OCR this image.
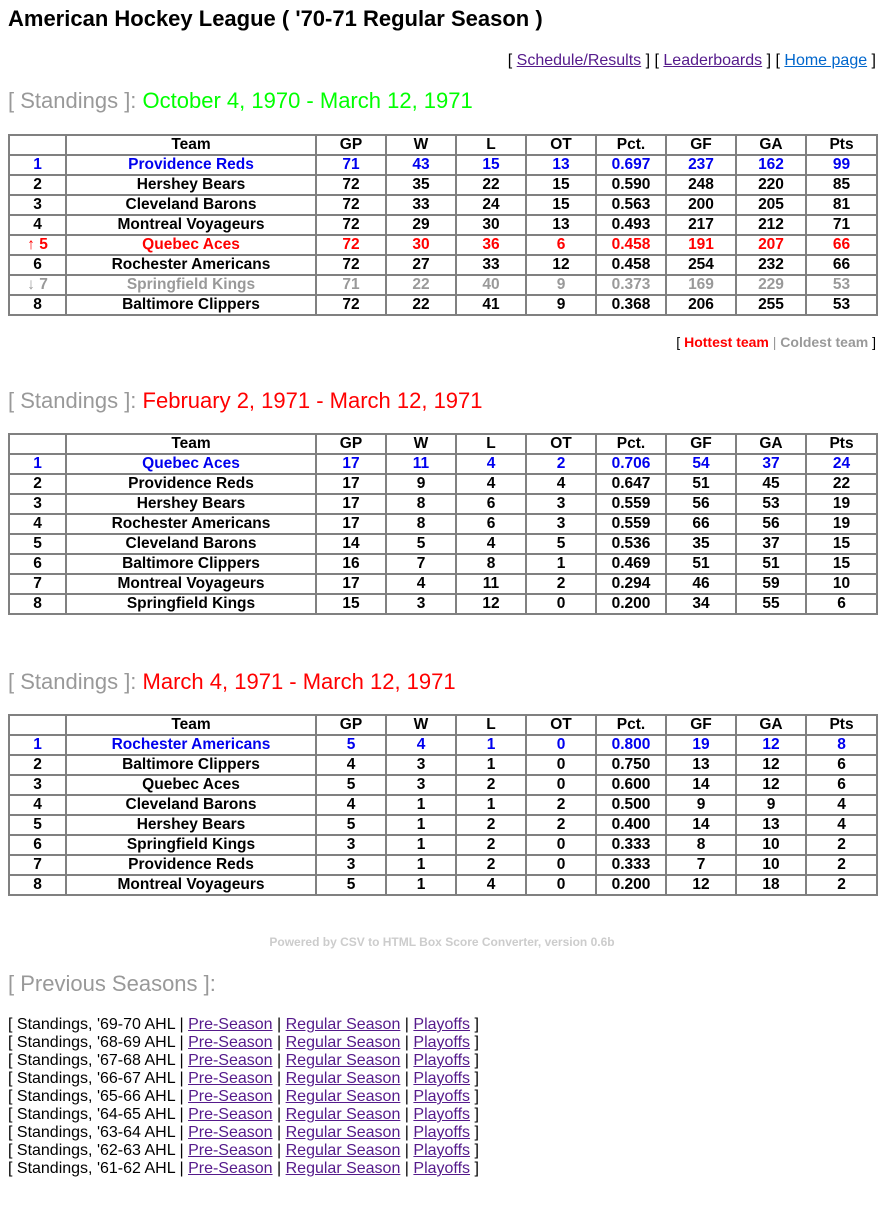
American Hockey League ( '70-71 Regular Season )
[ Schedule/Results ] [ Leaderboards ] [ Home page ]
[ Standings ]: October 4, 1970 - March 12, 1971
	Team	GP	W	L	OT	Pct.	GF	GA	Pts
1	Providence Reds	71	43	15	13	0.697	237	162	99
2	Hershey Bears	72	35	22	15	0.590	248	220	85
3	Cleveland Barons	72	33	24	15	0.563	200	205	81
4	Montreal Voyageurs	72	29	30	13	0.493	217	212	71
↑ 5	Quebec Aces	72	30	36	6	0.458	191	207	66
6	Rochester Americans	72	27	33	12	0.458	254	232	66
↓ 7	Springfield Kings	71	22	40	9	0.373	169	229	53
8	Baltimore Clippers	72	22	41	9	0.368	206	255	53
[ Hottest team | Coldest team ]
[ Standings ]: February 2, 1971 - March 12, 1971
	Team	GP	W	L	OT	Pct.	GF	GA	Pts
1	Quebec Aces	17	11	4	2	0.706	54	37	24
2	Providence Reds	17	9	4	4	0.647	51	45	22
3	Hershey Bears	17	8	6	3	0.559	56	53	19
4	Rochester Americans	17	8	6	3	0.559	66	56	19
5	Cleveland Barons	14	5	4	5	0.536	35	37	15
6	Baltimore Clippers	16	7	8	1	0.469	51	51	15
7	Montreal Voyageurs	17	4	11	2	0.294	46	59	10
8	Springfield Kings	15	3	12	0	0.200	34	55	6
[ Standings ]: March 4, 1971 - March 12, 1971
	Team	GP	W	L	OT	Pct.	GF	GA	Pts
1	Rochester Americans	5	4	1	0	0.800	19	12	8
2	Baltimore Clippers	4	3	1	0	0.750	13	12	6
3	Quebec Aces	5	3	2	0	0.600	14	12	6
4	Cleveland Barons	4	1	1	2	0.500	9	9	4
5	Hershey Bears	5	1	2	2	0.400	14	13	4
6	Springfield Kings	3	1	2	0	0.333	8	10	2
7	Providence Reds	3	1	2	0	0.333	7	10	2
8	Montreal Voyageurs	5	1	4	0	0.200	12	18	2
Powered by CSV to HTML Box Score Converter, version 0.6b
[ Previous Seasons ]:
[ Standings, '69-70 AHL | Pre-Season | Regular Season | Playoffs ]
[ Standings, '68-69 AHL | Pre-Season | Regular Season | Playoffs ]
[ Standings, '67-68 AHL | Pre-Season | Regular Season | Playoffs ]
[ Standings, '66-67 AHL | Pre-Season | Regular Season | Playoffs ]
[ Standings, '65-66 AHL | Pre-Season | Regular Season | Playoffs ]
[ Standings, '64-65 AHL | Pre-Season | Regular Season | Playoffs ]
[ Standings, '63-64 AHL | Pre-Season | Regular Season | Playoffs ]
[ Standings, '62-63 AHL | Pre-Season | Regular Season | Playoffs ]
[ Standings, '61-62 AHL | Pre-Season | Regular Season | Playoffs ]
